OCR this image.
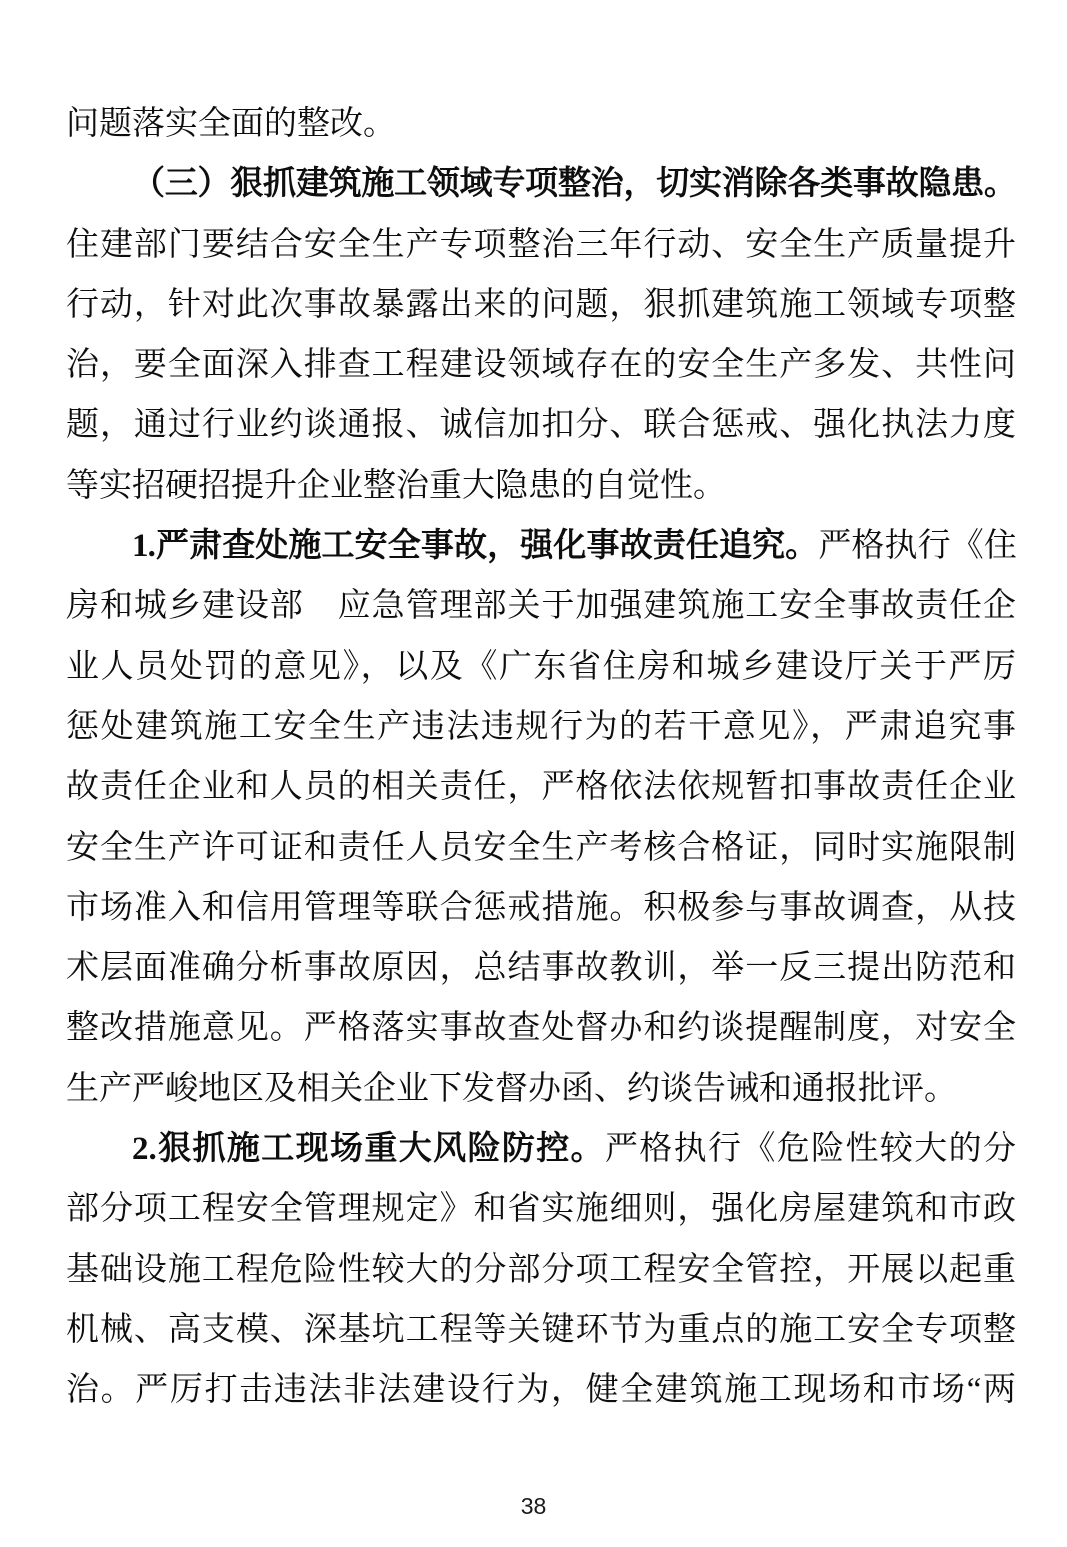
问题落实全面的整改。
（三）狠抓建筑施工领域专项整治，切实消除各类事故隐患。
住建部门要结合安全生产专项整治三年行动、安全生产质量提升
行动，针对此次事故暴露出来的问题，狠抓建筑施工领域专项整
治，要全面深入排查工程建设领域存在的安全生产多发、共性问
题，通过行业约谈通报、诚信加扣分、联合惩戒、强化执法力度
等实招硬招提升企业整治重大隐患的自觉性。
1.严肃查处施工安全事故，强化事故责任追究。严格执行《住
房和城乡建设部　应急管理部关于加强建筑施工安全事故责任企
业人员处罚的意见》，以及《广东省住房和城乡建设厅关于严厉
惩处建筑施工安全生产违法违规行为的若干意见》，严肃追究事
故责任企业和人员的相关责任，严格依法依规暂扣事故责任企业
安全生产许可证和责任人员安全生产考核合格证，同时实施限制
市场准入和信用管理等联合惩戒措施。积极参与事故调查，从技
术层面准确分析事故原因，总结事故教训，举一反三提出防范和
整改措施意见。严格落实事故查处督办和约谈提醒制度，对安全
生产严峻地区及相关企业下发督办函、约谈告诫和通报批评。
2.狠抓施工现场重大风险防控。严格执行《危险性较大的分
部分项工程安全管理规定》和省实施细则，强化房屋建筑和市政
基础设施工程危险性较大的分部分项工程安全管控，开展以起重
机械、高支模、深基坑工程等关键环节为重点的施工安全专项整
治。严厉打击违法非法建设行为，健全建筑施工现场和市场“两
38
